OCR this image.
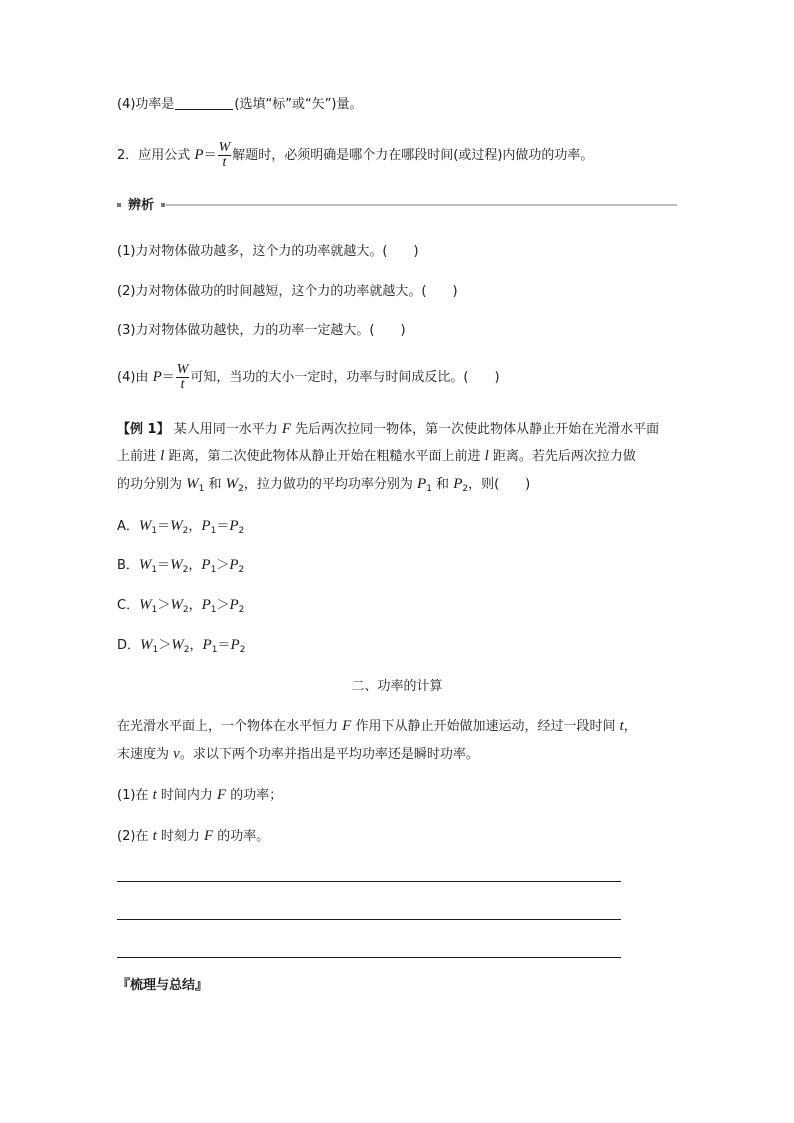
(4)功率是	(选填“标”或“矢”)量。
2．应用公式 $P= \frac{W}{t}$ 解题时，必须明确是哪个力在哪段时间(或过程)内做功的功率。
辨析
(1)力对物体做功越多，这个力的功率就越大。(　　)
(2)力对物体做功的时间越短，这个力的功率就越大。(　　)
(3)力对物体做功越快，力的功率一定越大。(　　)
(4)由 $P= \frac{W}{t}$ 可知，当功的大小一定时，功率与时间成反比。(　　)
【例 1】 某人用同一水平力 F 先后两次拉同一物体，第一次使此物体从静止开始在光滑水平面
上前进 l 距离，第二次使此物体从静止开始在粗糙水平面上前进 l 距离。若先后两次拉力做
的功分别为 $W_1$ 和 $W_2$，拉力做功的平均功率分别为 $P_1$ 和 $P_2$，则(　　)
A．$W_1=W_2$，$P_1=P_2$
B．$W_1=W_2$，$P_1>P_2$
C．$W_1>W_2$，$P_1>P_2$
D．$W_1>W_2$，$P_1=P_2$
二、功率的计算
在光滑水平面上，一个物体在水平恒力 F 作用下从静止开始做加速运动，经过一段时间 t，
末速度为 v。求以下两个功率并指出是平均功率还是瞬时功率。
(1)在 t 时间内力 F 的功率；
(2)在 t 时刻力 F 的功率。
『梳理与总结』
